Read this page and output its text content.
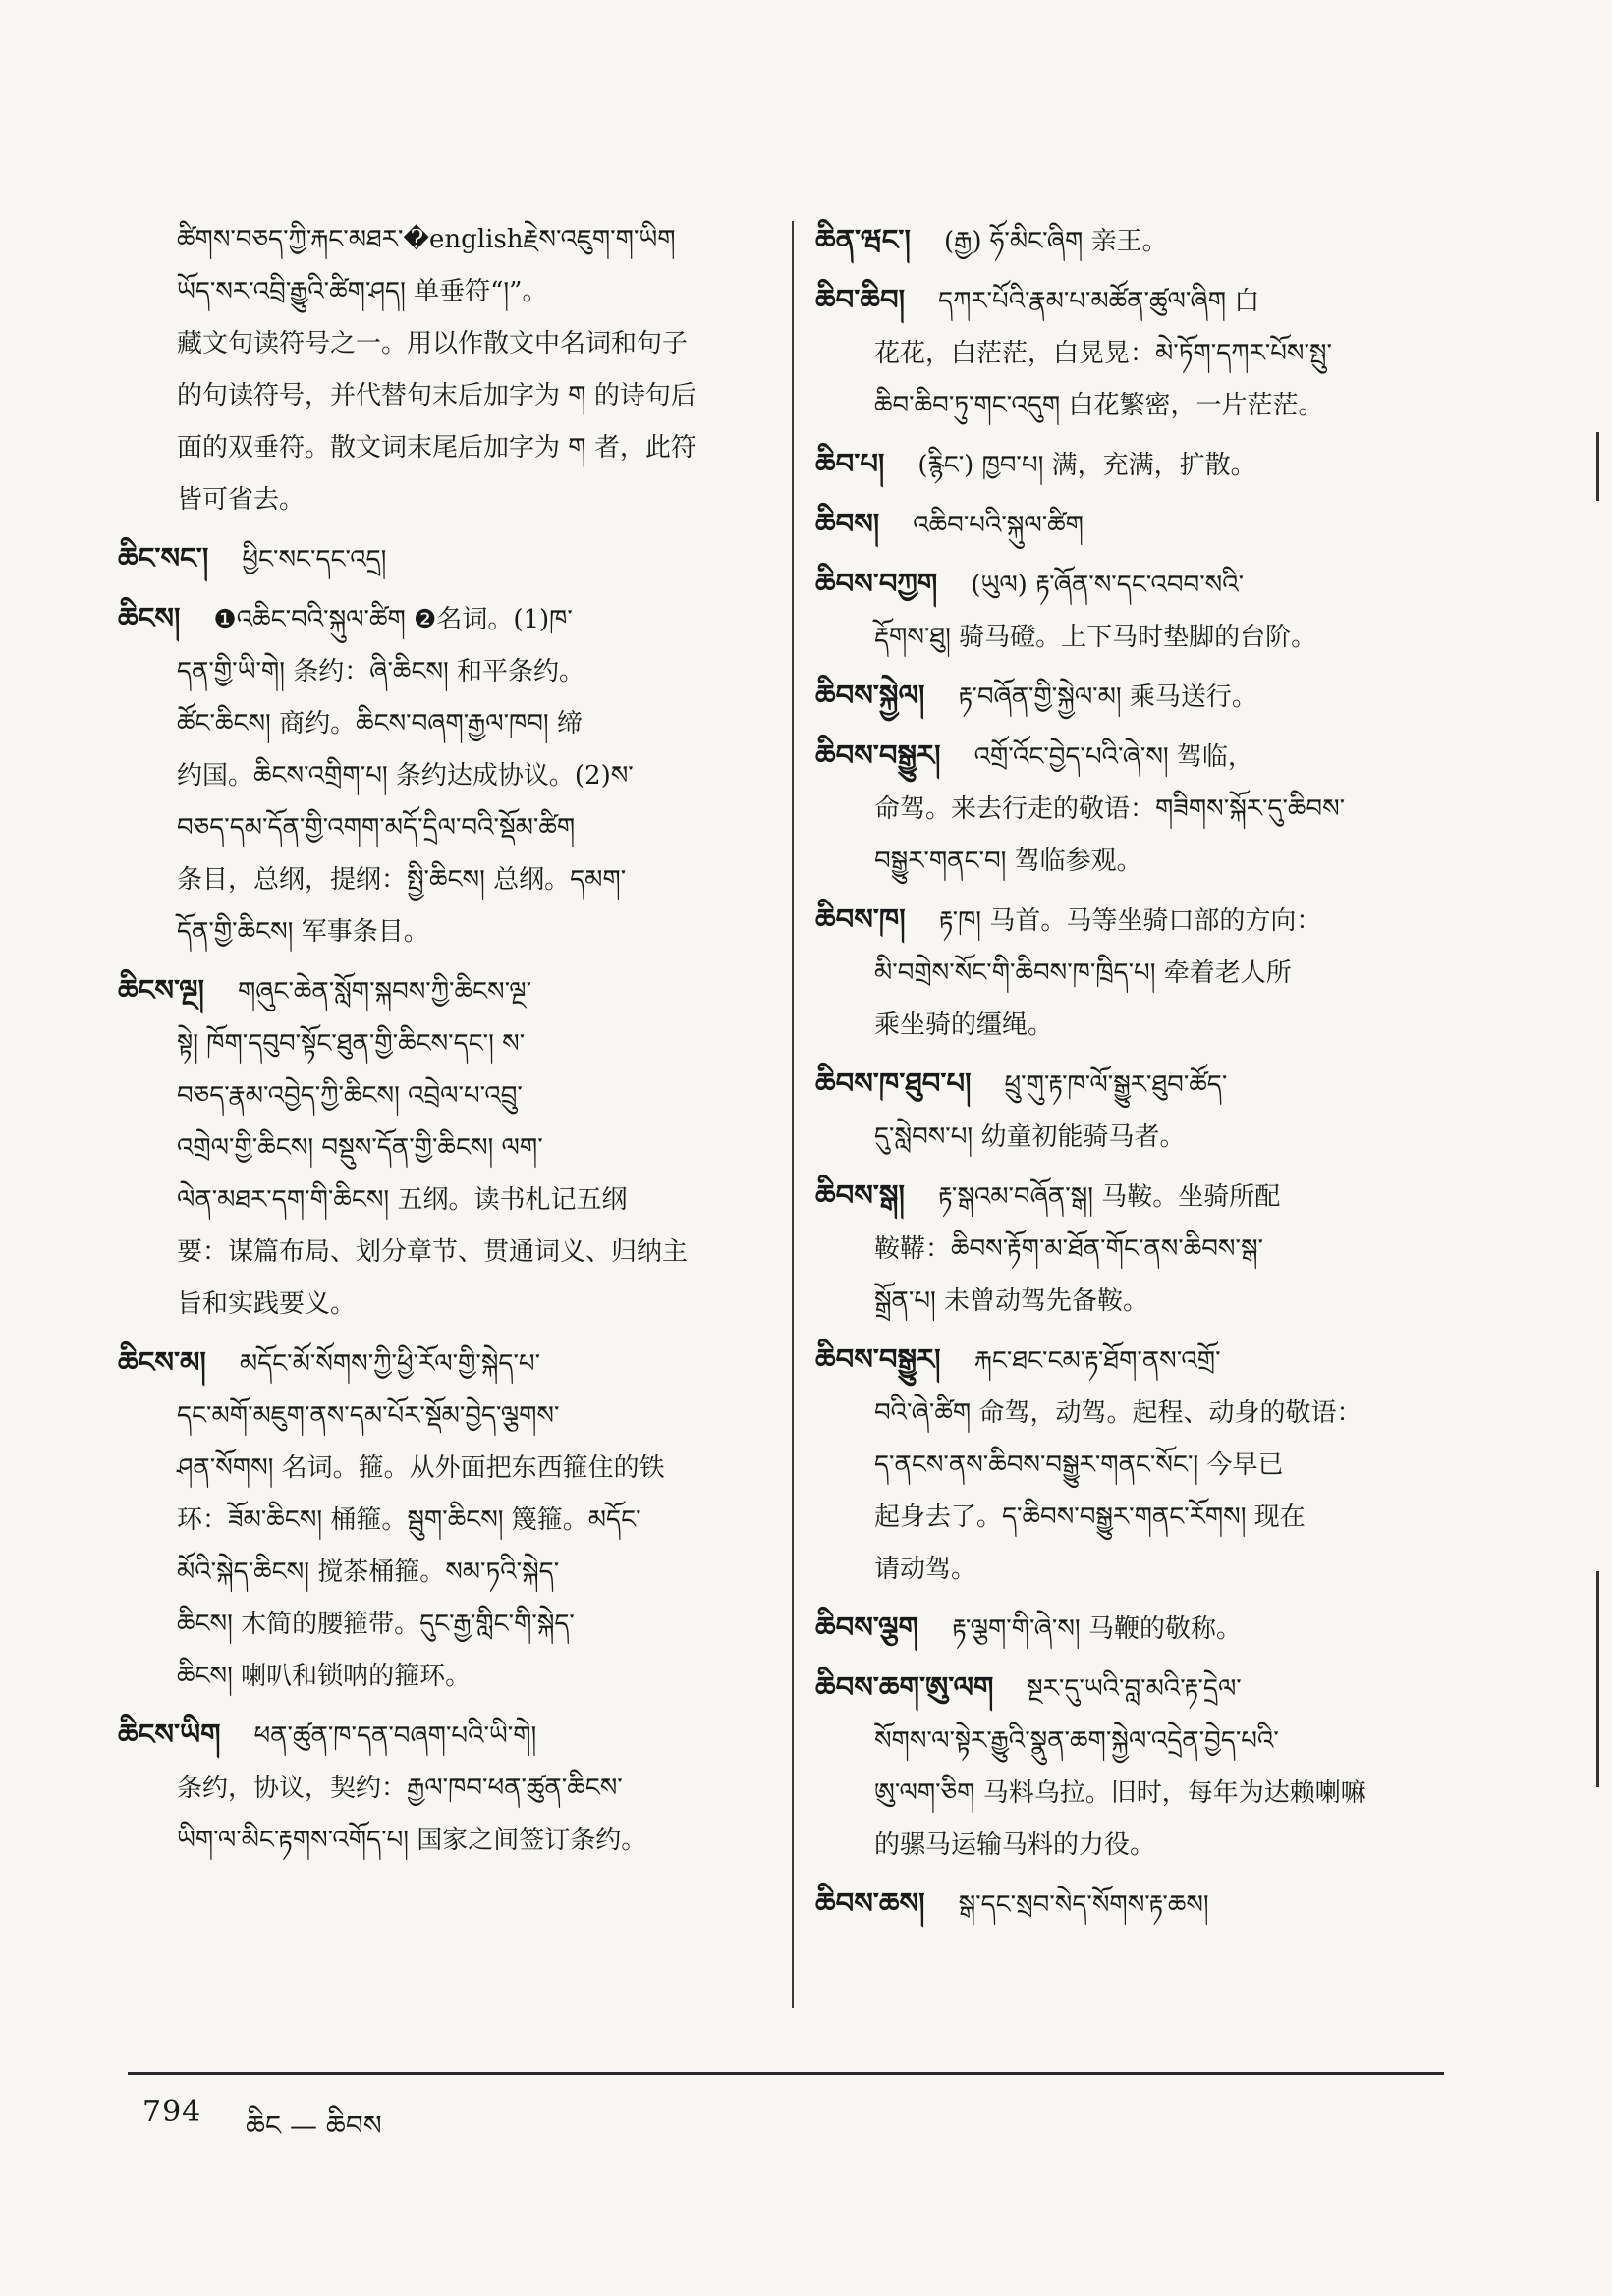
ཚིགས་བཅད་ཀྱི་རྐང་མཐར་�englishརྗེས་འཇུག་ག་ཡིག
ཡོད་སར་འབྲི་རྒྱུའི་ཚིག་ཤད། 单垂符“།”。
藏文句读符号之一。用以作散文中名词和句子
的句读符号，并代替句末后加字为 ག 的诗句后
面的双垂符。散文词末尾后加字为 ག 者，此符
皆可省去。
ཆིང་སང་། ཕྱིང་སང་དང་འདྲ།
ཆིངས། ❶འཆིང་བའི་སྐུལ་ཚིག ❷名词。(1)ཁ་
དན་གྱི་ཡི་གེ། 条约：ཞི་ཆིངས། 和平条约。
ཚོང་ཆིངས། 商约。ཆིངས་བཞག་རྒྱལ་ཁབ། 缔
约国。ཆིངས་འགྲིག་པ། 条约达成协议。(2)ས་
བཅད་དམ་དོན་གྱི་འགག་མདོ་དྲིལ་བའི་སྡོམ་ཚིག
条目，总纲，提纲：སྤྱི་ཆིངས། 总纲。དམག་
དོན་གྱི་ཆིངས། 军事条目。
ཆིངས་ལྔ། གཞུང་ཆེན་སློག་སྐབས་ཀྱི་ཆིངས་ལྔ་
སྟེ། ཁོག་དབུབ་སྟོང་ཐུན་གྱི་ཆིངས་དང་། ས་
བཅད་རྣམ་འབྱེད་ཀྱི་ཆིངས། འབྲེལ་པ་འབྲུ་
འགྲེལ་གྱི་ཆིངས། བསྡུས་དོན་གྱི་ཆིངས། ལག་
ལེན་མཐར་དག་གི་ཆིངས། 五纲。读书札记五纲
要：谋篇布局、划分章节、贯通词义、归纳主
旨和实践要义。
ཆིངས་མ། མདོང་མོ་སོགས་ཀྱི་ཕྱི་རོལ་གྱི་སྐེད་པ་
དང་མགོ་མཇུག་ནས་དམ་པོར་སྡོམ་བྱེད་ལྕགས་
ཤན་སོགས། 名词。箍。从外面把东西箍住的铁
环：ཟོམ་ཆིངས། 桶箍。སྦུག་ཆིངས། 篾箍。མདོང་
མོའི་སྐེད་ཆིངས། 搅茶桶箍。སམ་ཏའི་སྐེད་
ཆིངས། 木简的腰箍带。དུང་རྒྱ་གླིང་གི་སྐེད་
ཆིངས། 喇叭和锁呐的箍环。
ཆིངས་ཡིག ཕན་ཚུན་ཁ་དན་བཞག་པའི་ཡི་གེ།
条约，协议，契约：རྒྱལ་ཁབ་ཕན་ཚུན་ཆིངས་
ཡིག་ལ་མིང་རྟགས་འགོད་པ། 国家之间签订条约。
ཆིན་ཝང་། (རྒྱ) ཧོ་མིང་ཞིག 亲王。
ཆིབ་ཆིབ། དཀར་པོའི་རྣམ་པ་མཚོན་ཚུལ་ཞིག 白
花花，白茫茫，白晃晃：མེ་ཏོག་དཀར་པོས་སྤུ་
ཆིབ་ཆིབ་ཏུ་གང་འདུག 白花繁密，一片茫茫。
ཆིབ་པ། (རྙིང་) ཁྱབ་པ། 满，充满，扩散。
ཆིབས། འཆིབ་པའི་སྐུལ་ཚིག
ཆིབས་བཀྱག (ཡུལ) རྟ་ཞོན་ས་དང་འབབ་སའི་
རྡོགས་ཐུ། 骑马磴。上下马时垫脚的台阶。
ཆིབས་སྐྱེལ། རྟ་བཞོན་གྱི་སྐྱེལ་མ། 乘马送行。
ཆིབས་བསྒྱུར། འགྲོ་འོང་བྱེད་པའི་ཞེ་ས། 驾临，
命驾。来去行走的敬语：གཟིགས་སྐོར་དུ་ཆིབས་
བསྒྱུར་གནང་བ། 驾临参观。
ཆིབས་ཁ། རྟ་ཁ། 马首。马等坐骑口部的方向：
མི་བགྲེས་སོང་གི་ཆིབས་ཁ་ཁྲིད་པ། 牵着老人所
乘坐骑的缰绳。
ཆིབས་ཁ་ཐུབ་པ། ཕྲུ་གུ་རྟ་ཁ་ལོ་སྒྱུར་ཐུབ་ཚོད་
དུ་སླེབས་པ། 幼童初能骑马者。
ཆིབས་སྒ། རྟ་སྒའམ་བཞོན་སྒ། 马鞍。坐骑所配
鞍鞯：ཆིབས་རྟོག་མ་ཐོན་གོང་ནས་ཆིབས་སྒ་
སྒྲོན་པ། 未曾动驾先备鞍。
ཆིབས་བསྒྱུར། རྐང་ཐང་ངམ་རྟ་ཐོག་ནས་འགྲོ་
བའི་ཞེ་ཚིག 命驾，动驾。起程、动身的敬语：
ད་ནངས་ནས་ཆིབས་བསྒྱུར་གནང་སོང་། 今早已
起身去了。ད་ཆིབས་བསྒྱུར་གནང་རོགས། 现在
请动驾。
ཆིབས་ལྕག རྟ་ལྕག་གི་ཞེ་ས། 马鞭的敬称。
ཆིབས་ཆག་ཨུ་ལག སྔར་དུ་ཡའི་བླ་མའི་རྟ་དྲེལ་
སོགས་ལ་སྟེར་རྒྱུའི་སྣུན་ཆག་སྐྱེལ་འདྲེན་བྱེད་པའི་
ཨུ་ལག་ཅིག 马料乌拉。旧时，每年为达赖喇嘛
的骡马运输马料的力役。
ཆིབས་ཆས། སྒ་དང་སྲབ་སེད་སོགས་རྟ་ཆས།
794 ཆིང — ཆིབས
